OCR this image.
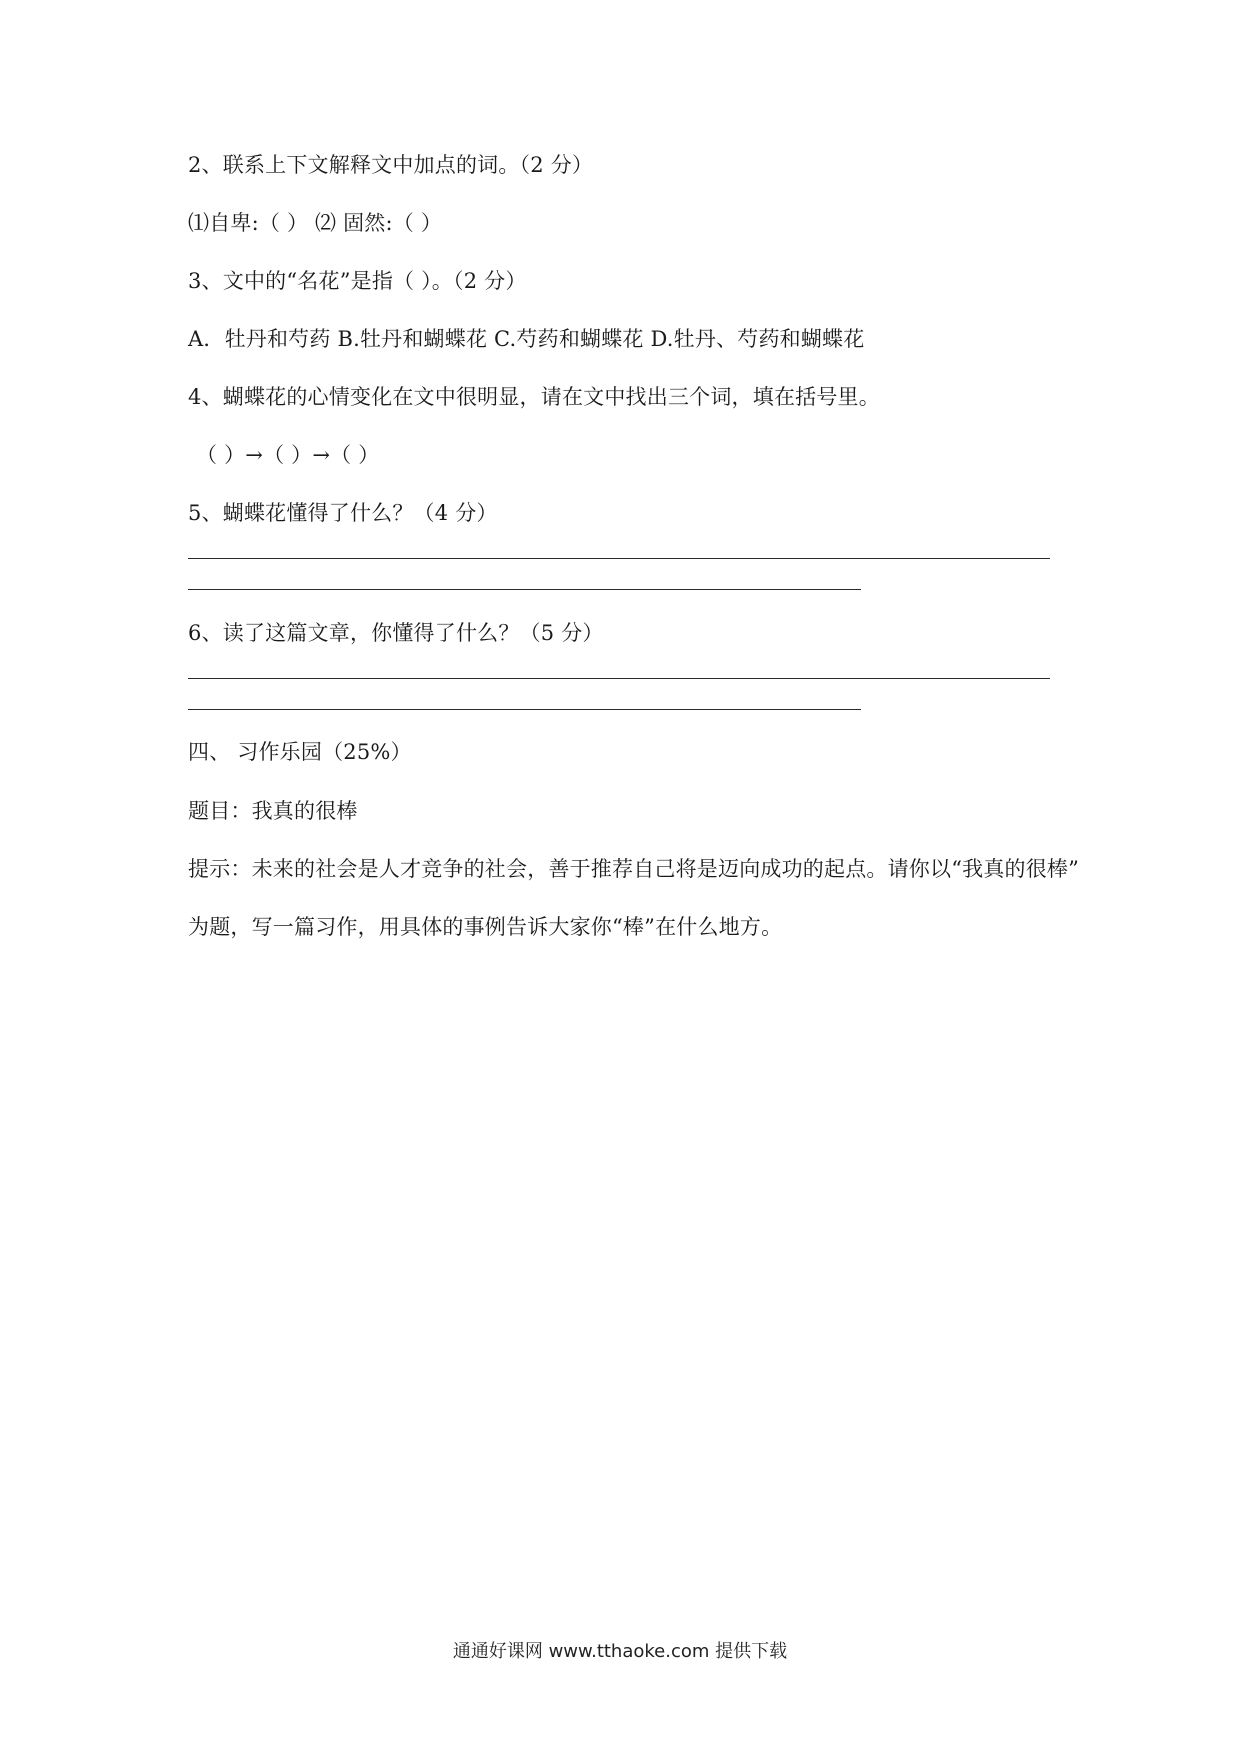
2、联系上下文解释文中加点的词。（2 分）
⑴自卑:（ ） ⑵ 固然:（ ）
3、文中的“名花”是指（ ）。（2 分）
A．牡丹和芍药 B.牡丹和蝴蝶花 C.芍药和蝴蝶花 D.牡丹、芍药和蝴蝶花
4、蝴蝶花的心情变化在文中很明显，请在文中找出三个词，填在括号里。
（ ）→（ ）→（ ）
5、蝴蝶花懂得了什么？（4 分）
6、读了这篇文章，你懂得了什么？（5 分）
四、 习作乐园（25%）
题目：我真的很棒
提示：未来的社会是人才竞争的社会，善于推荐自己将是迈向成功的起点。请你以“我真的很棒”
为题，写一篇习作，用具体的事例告诉大家你“棒”在什么地方。
通通好课网 www.tthaoke.com 提供下载
